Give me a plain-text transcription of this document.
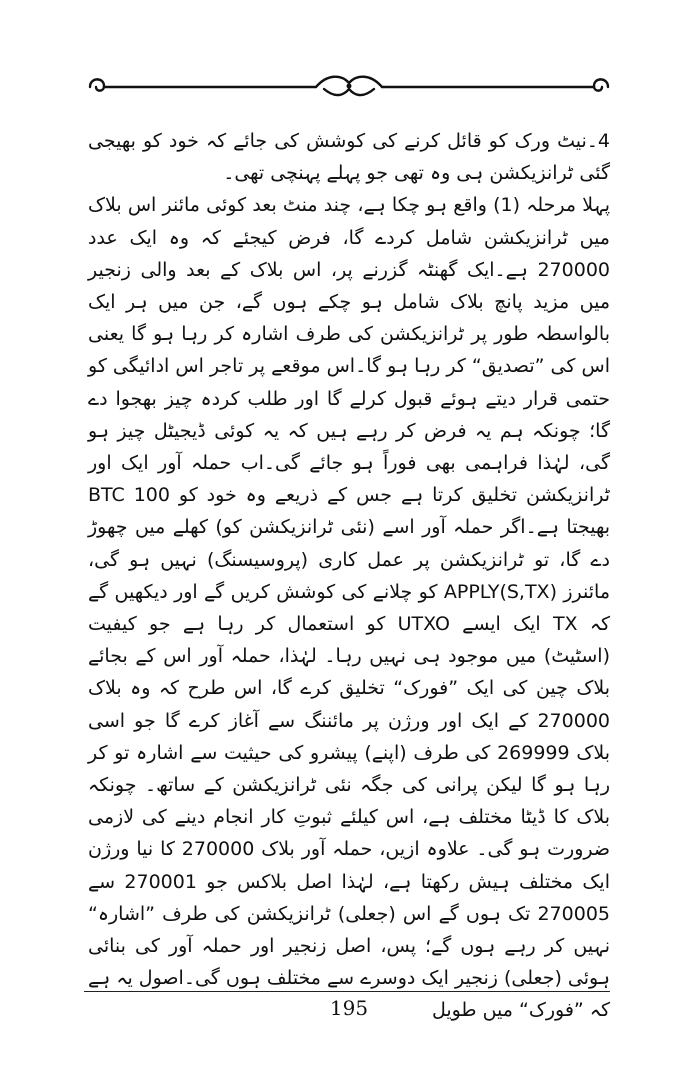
4۔نیٹ ورک کو قائل کرنے کی کوشش کی جائے کہ خود کو بھیجی گئی ٹرانزیکشن ہی وہ تھی جو پہلے پہنچی تھی۔

پہلا مرحلہ (1) واقع ہو چکا ہے، چند منٹ بعد کوئی مائنر اس بلاک میں ٹرانزیکشن شامل کردے گا، فرض کیجئے کہ وہ ایک عدد 270000 ہے۔ایک گھنٹہ گزرنے پر، اس بلاک کے بعد والی زنجیر میں مزید پانچ بلاک شامل ہو چکے ہوں گے، جن میں ہر ایک بالواسطہ طور پر ٹرانزیکشن کی طرف اشارہ کر رہا ہو گا یعنی اس کی ”تصدیق“ کر رہا ہو گا۔اس موقعے پر تاجر اس ادائیگی کو حتمی قرار دیتے ہوئے قبول کرلے گا اور طلب کردہ چیز بھجوا دے گا؛ چونکہ ہم یہ فرض کر رہے ہیں کہ یہ کوئی ڈیجیٹل چیز ہو گی، لہٰذا فراہمی بھی فوراً ہو جائے گی۔اب حملہ آور ایک اور ٹرانزیکشن تخلیق کرتا ہے جس کے ذریعے وہ خود کو 100 BTC بھیجتا ہے۔اگر حملہ آور اسے (نئی ٹرانزیکشن کو) کھلے میں چھوڑ دے گا، تو ٹرانزیکشن پر عمل کاری (پروسیسنگ) نہیں ہو گی، مائنرز APPLY(S,TX) کو چلانے کی کوشش کریں گے اور دیکھیں گے کہ TX ایک ایسے UTXO کو استعمال کر رہا ہے جو کیفیت (اسٹیٹ) میں موجود ہی نہیں رہا۔ لہٰذا، حملہ آور اس کے بجائے بلاک چین کی ایک ”فورک“ تخلیق کرے گا، اس طرح کہ وہ بلاک 270000 کے ایک اور ورژن پر مائننگ سے آغاز کرے گا جو اسی بلاک 269999 کی طرف (اپنے) پیشرو کی حیثیت سے اشارہ تو کر رہا ہو گا لیکن پرانی کی جگہ نئی ٹرانزیکشن کے ساتھ۔ چونکہ بلاک کا ڈیٹا مختلف ہے، اس کیلئے ثبوتِ کار انجام دینے کی لازمی ضرورت ہو گی۔ علاوہ ازیں، حملہ آور بلاک 270000 کا نیا ورژن ایک مختلف ہیش رکھتا ہے، لہٰذا اصل بلاکس جو 270001 سے 270005 تک ہوں گے اس (جعلی) ٹرانزیکشن کی طرف ”اشارہ“ نہیں کر رہے ہوں گے؛ پس، اصل زنجیر اور حملہ آور کی بنائی ہوئی (جعلی) زنجیر ایک دوسرے سے مختلف ہوں گی۔اصول یہ ہے کہ ”فورک“ میں طویل

195
